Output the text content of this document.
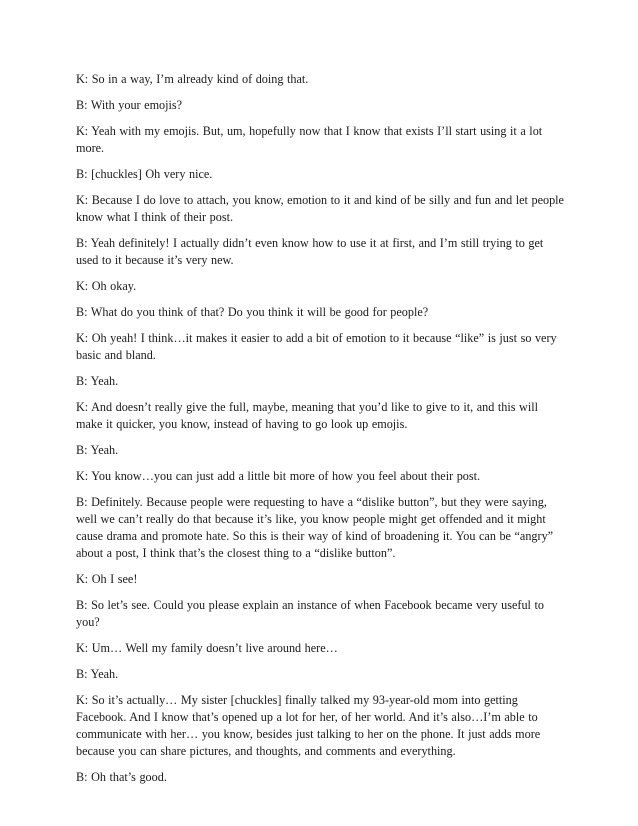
K: So in a way, I’m already kind of doing that.

B: With your emojis?

K: Yeah with my emojis. But, um, hopefully now that I know that exists I’ll start using it a lot more.

B: [chuckles] Oh very nice.

K: Because I do love to attach, you know, emotion to it and kind of be silly and fun and let people know what I think of their post.

B: Yeah definitely! I actually didn’t even know how to use it at first, and I’m still trying to get used to it because it’s very new.

K: Oh okay.

B: What do you think of that? Do you think it will be good for people?

K: Oh yeah! I think…it makes it easier to add a bit of emotion to it because “like” is just so very basic and bland.

B: Yeah.

K: And doesn’t really give the full, maybe, meaning that you’d like to give to it, and this will make it quicker, you know, instead of having to go look up emojis.

B: Yeah.

K: You know…you can just add a little bit more of how you feel about their post.

B: Definitely. Because people were requesting to have a “dislike button”, but they were saying, well we can’t really do that because it’s like, you know people might get offended and it might cause drama and promote hate. So this is their way of kind of broadening it. You can be “angry” about a post, I think that’s the closest thing to a “dislike button”.

K: Oh I see!

B: So let’s see. Could you please explain an instance of when Facebook became very useful to you?

K: Um… Well my family doesn’t live around here…

B: Yeah.

K: So it’s actually… My sister [chuckles] finally talked my 93-year-old mom into getting Facebook. And I know that’s opened up a lot for her, of her world. And it’s also…I’m able to communicate with her… you know, besides just talking to her on the phone. It just adds more because you can share pictures, and thoughts, and comments and everything.

B: Oh that’s good.
